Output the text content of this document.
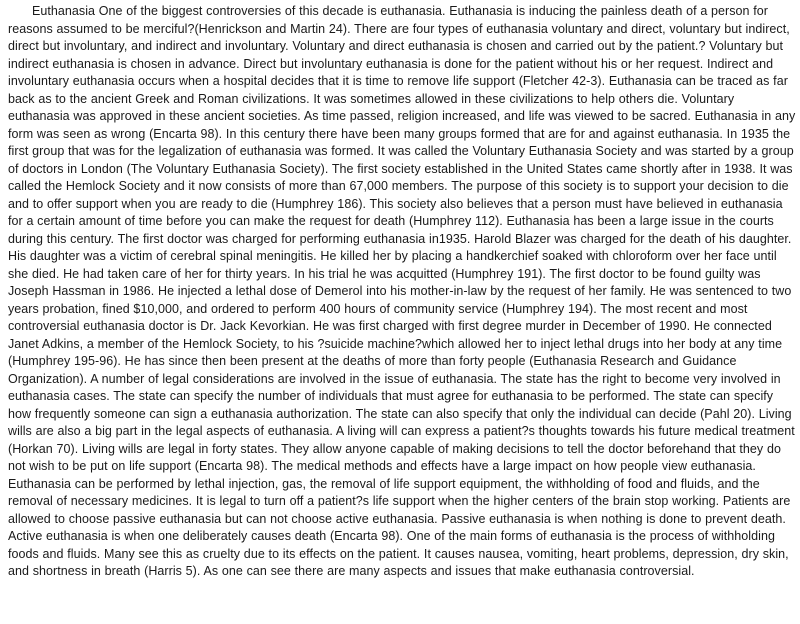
Euthanasia One of the biggest controversies of this decade is euthanasia. Euthanasia is inducing the painless death of a person for reasons assumed to be merciful?(Henrickson and Martin 24). There are four types of euthanasia voluntary and direct, voluntary but indirect, direct but involuntary, and indirect and involuntary. Voluntary and direct euthanasia is chosen and carried out by the patient.? Voluntary but indirect euthanasia is chosen in advance. Direct but involuntary euthanasia is done for the patient without his or her request. Indirect and involuntary euthanasia occurs when a hospital decides that it is time to remove life support (Fletcher 42-3). Euthanasia can be traced as far back as to the ancient Greek and Roman civilizations. It was sometimes allowed in these civilizations to help others die. Voluntary euthanasia was approved in these ancient societies. As time passed, religion increased, and life was viewed to be sacred. Euthanasia in any form was seen as wrong (Encarta 98). In this century there have been many groups formed that are for and against euthanasia. In 1935 the first group that was for the legalization of euthanasia was formed. It was called the Voluntary Euthanasia Society and was started by a group of doctors in London (The Voluntary Euthanasia Society). The first society established in the United States came shortly after in 1938. It was called the Hemlock Society and it now consists of more than 67,000 members. The purpose of this society is to support your decision to die and to offer support when you are ready to die (Humphrey 186). This society also believes that a person must have believed in euthanasia for a certain amount of time before you can make the request for death (Humphrey 112). Euthanasia has been a large issue in the courts during this century. The first doctor was charged for performing euthanasia in1935. Harold Blazer was charged for the death of his daughter. His daughter was a victim of cerebral spinal meningitis. He killed her by placing a handkerchief soaked with chloroform over her face until she died. He had taken care of her for thirty years. In his trial he was acquitted (Humphrey 191). The first doctor to be found guilty was Joseph Hassman in 1986. He injected a lethal dose of Demerol into his mother-in-law by the request of her family. He was sentenced to two years probation, fined $10,000, and ordered to perform 400 hours of community service (Humphrey 194). The most recent and most controversial euthanasia doctor is Dr. Jack Kevorkian. He was first charged with first degree murder in December of 1990. He connected Janet Adkins, a member of the Hemlock Society, to his ?suicide machine?which allowed her to inject lethal drugs into her body at any time (Humphrey 195-96). He has since then been present at the deaths of more than forty people (Euthanasia Research and Guidance Organization). A number of legal considerations are involved in the issue of euthanasia. The state has the right to become very involved in euthanasia cases. The state can specify the number of individuals that must agree for euthanasia to be performed. The state can specify how frequently someone can sign a euthanasia authorization. The state can also specify that only the individual can decide (Pahl 20). Living wills are also a big part in the legal aspects of euthanasia. A living will can express a patient?s thoughts towards his future medical treatment (Horkan 70). Living wills are legal in forty states. They allow anyone capable of making decisions to tell the doctor beforehand that they do not wish to be put on life support (Encarta 98). The medical methods and effects have a large impact on how people view euthanasia. Euthanasia can be performed by lethal injection, gas, the removal of life support equipment, the withholding of food and fluids, and the removal of necessary medicines. It is legal to turn off a patient?s life support when the higher centers of the brain stop working. Patients are allowed to choose passive euthanasia but can not choose active euthanasia. Passive euthanasia is when nothing is done to prevent death. Active euthanasia is when one deliberately causes death (Encarta 98). One of the main forms of euthanasia is the process of withholding foods and fluids. Many see this as cruelty due to its effects on the patient. It causes nausea, vomiting, heart problems, depression, dry skin, and shortness in breath (Harris 5). As one can see there are many aspects and issues that make euthanasia controversial.
